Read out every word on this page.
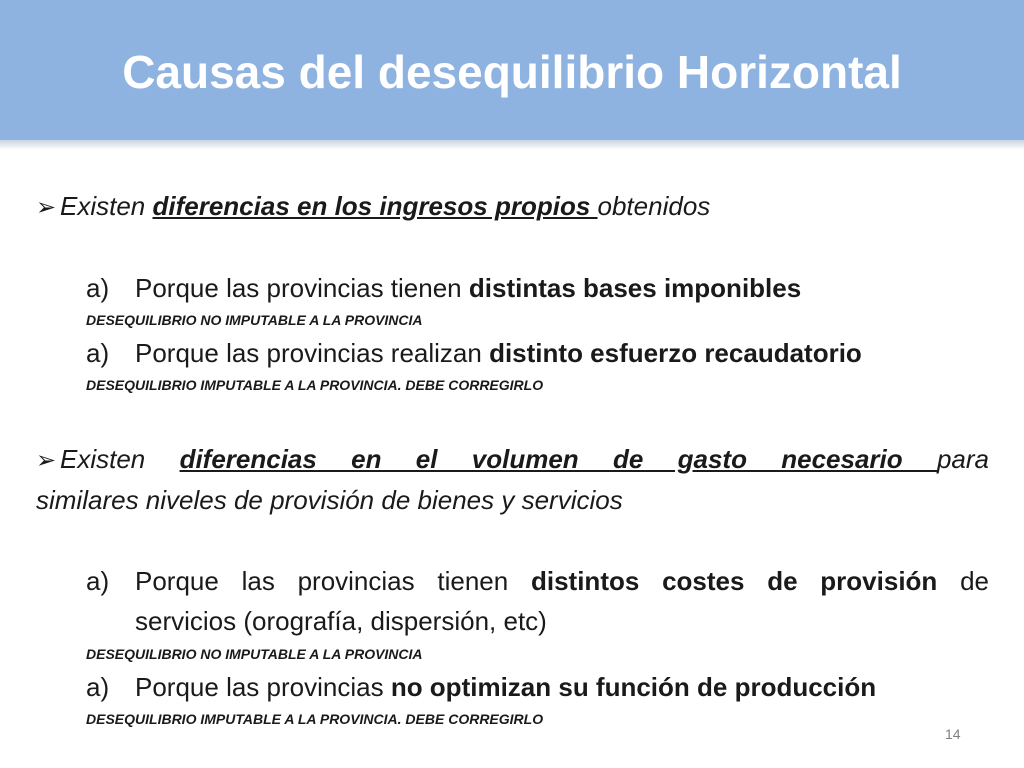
Causas del desequilibrio Horizontal
➢ Existen diferencias en los ingresos propios obtenidos
a) Porque las provincias tienen distintas bases imponibles
DESEQUILIBRIO NO IMPUTABLE A LA PROVINCIA
a) Porque las provincias realizan distinto esfuerzo recaudatorio
DESEQUILIBRIO IMPUTABLE A LA PROVINCIA. DEBE CORREGIRLO
➢ Existen diferencias en el volumen de gasto necesario para
similares niveles de provisión de bienes y servicios
a) Porque las provincias tienen distintos costes de provisión de
servicios (orografía, dispersión, etc)
DESEQUILIBRIO NO IMPUTABLE A LA PROVINCIA
a) Porque las provincias no optimizan su función de producción
DESEQUILIBRIO IMPUTABLE A LA PROVINCIA. DEBE CORREGIRLO
14
